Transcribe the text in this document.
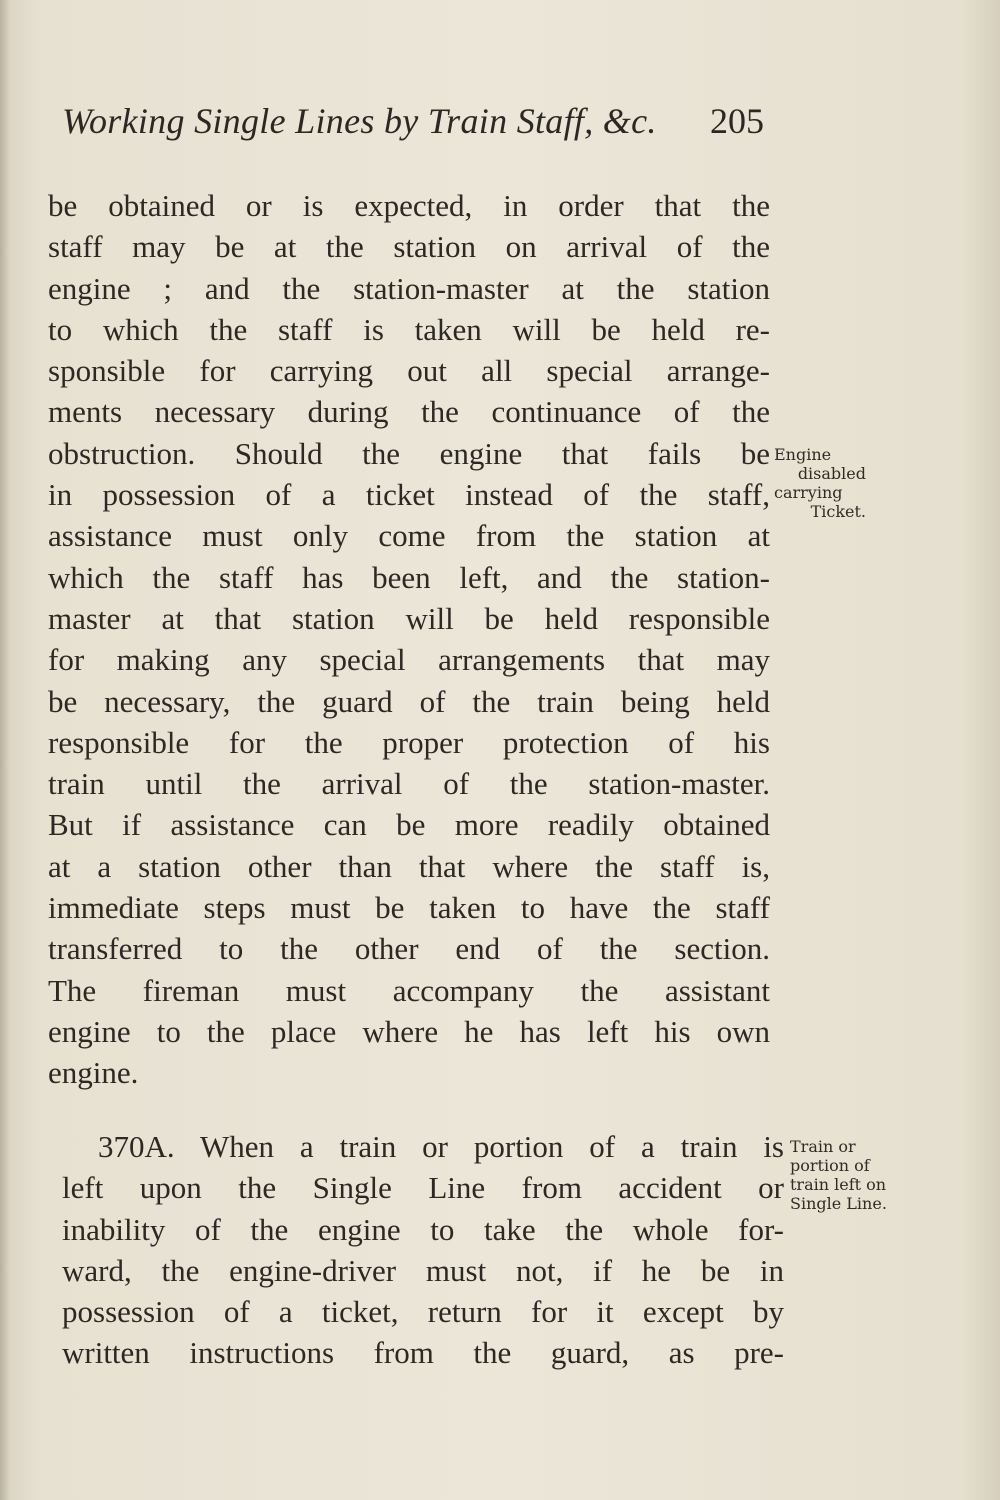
Working Single Lines by Train Staff, &c. 205
be obtained or is expected, in order that the
staff may be at the station on arrival of the
engine ; and the station-master at the station
to which the staff is taken will be held re-
sponsible for carrying out all special arrange-
ments necessary during the continuance of the
obstruction. Should the engine that fails be
in possession of a ticket instead of the staff,
assistance must only come from the station at
which the staff has been left, and the station-
master at that station will be held responsible
for making any special arrangements that may
be necessary, the guard of the train being held
responsible for the proper protection of his
train until the arrival of the station-master.
But if assistance can be more readily obtained
at a station other than that where the staff is,
immediate steps must be taken to have the staff
transferred to the other end of the section.
The fireman must accompany the assistant
engine to the place where he has left his own
engine.
Engine
disabled
carrying
Ticket.
370A. When a train or portion of a train is
left upon the Single Line from accident or
inability of the engine to take the whole for-
ward, the engine-driver must not, if he be in
possession of a ticket, return for it except by
written instructions from the guard, as pre-
Train or
portion of
train left on
Single Line.
